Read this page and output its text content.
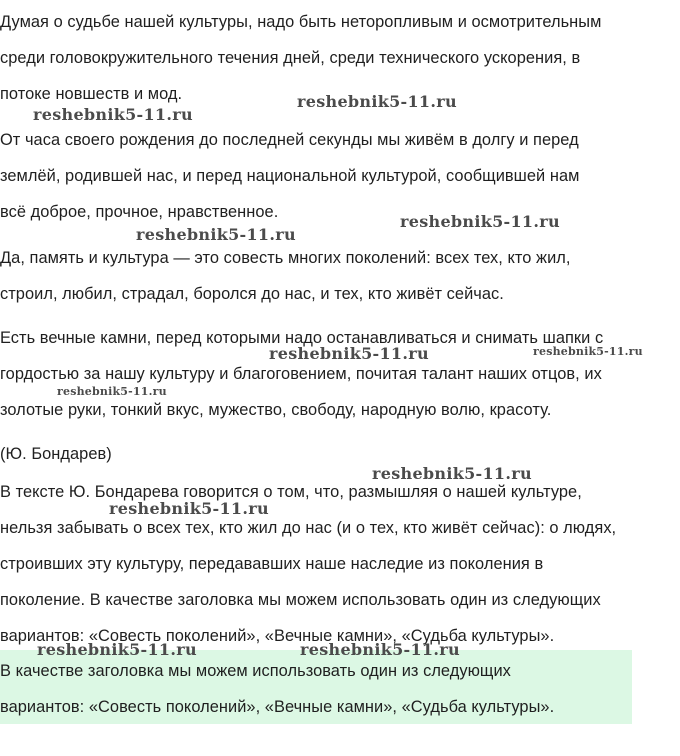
Думая о судьбе нашей культуры, надо быть неторопливым и осмотрительным
среди головокружительного течения дней, среди технического ускорения, в
потоке новшеств и мод.
От часа своего рождения до последней секунды мы живём в долгу и перед
землёй, родившей нас, и перед национальной культурой, сообщившей нам
всё доброе, прочное, нравственное.
Да, память и культура — это совесть многих поколений: всех тех, кто жил,
строил, любил, страдал, боролся до нас, и тех, кто живёт сейчас.
Есть вечные камни, перед которыми надо останавливаться и снимать шапки с
гордостью за нашу культуру и благоговением, почитая талант наших отцов, их
золотые руки, тонкий вкус, мужество, свободу, народную волю, красоту.
(Ю. Бондарев)
В тексте Ю. Бондарева говорится о том, что, размышляя о нашей культуре,
нельзя забывать о всех тех, кто жил до нас (и о тех, кто живёт сейчас): о людях,
строивших эту культуру, передававших наше наследие из поколения в
поколение. В качестве заголовка мы можем использовать один из следующих
вариантов: «Совесть поколений», «Вечные камни», «Судьба культуры».
В качестве заголовка мы можем использовать один из следующих
вариантов: «Совесть поколений», «Вечные камни», «Судьба культуры».
reshebnik5-11.ru
reshebnik5-11.ru
reshebnik5-11.ru
reshebnik5-11.ru
reshebnik5-11.ru	reshebnik5-11.ru
reshebnik5-11.ru
reshebnik5-11.ru
reshebnik5-11.ru
reshebnik5-11.ru	reshebnik5-11.ru
